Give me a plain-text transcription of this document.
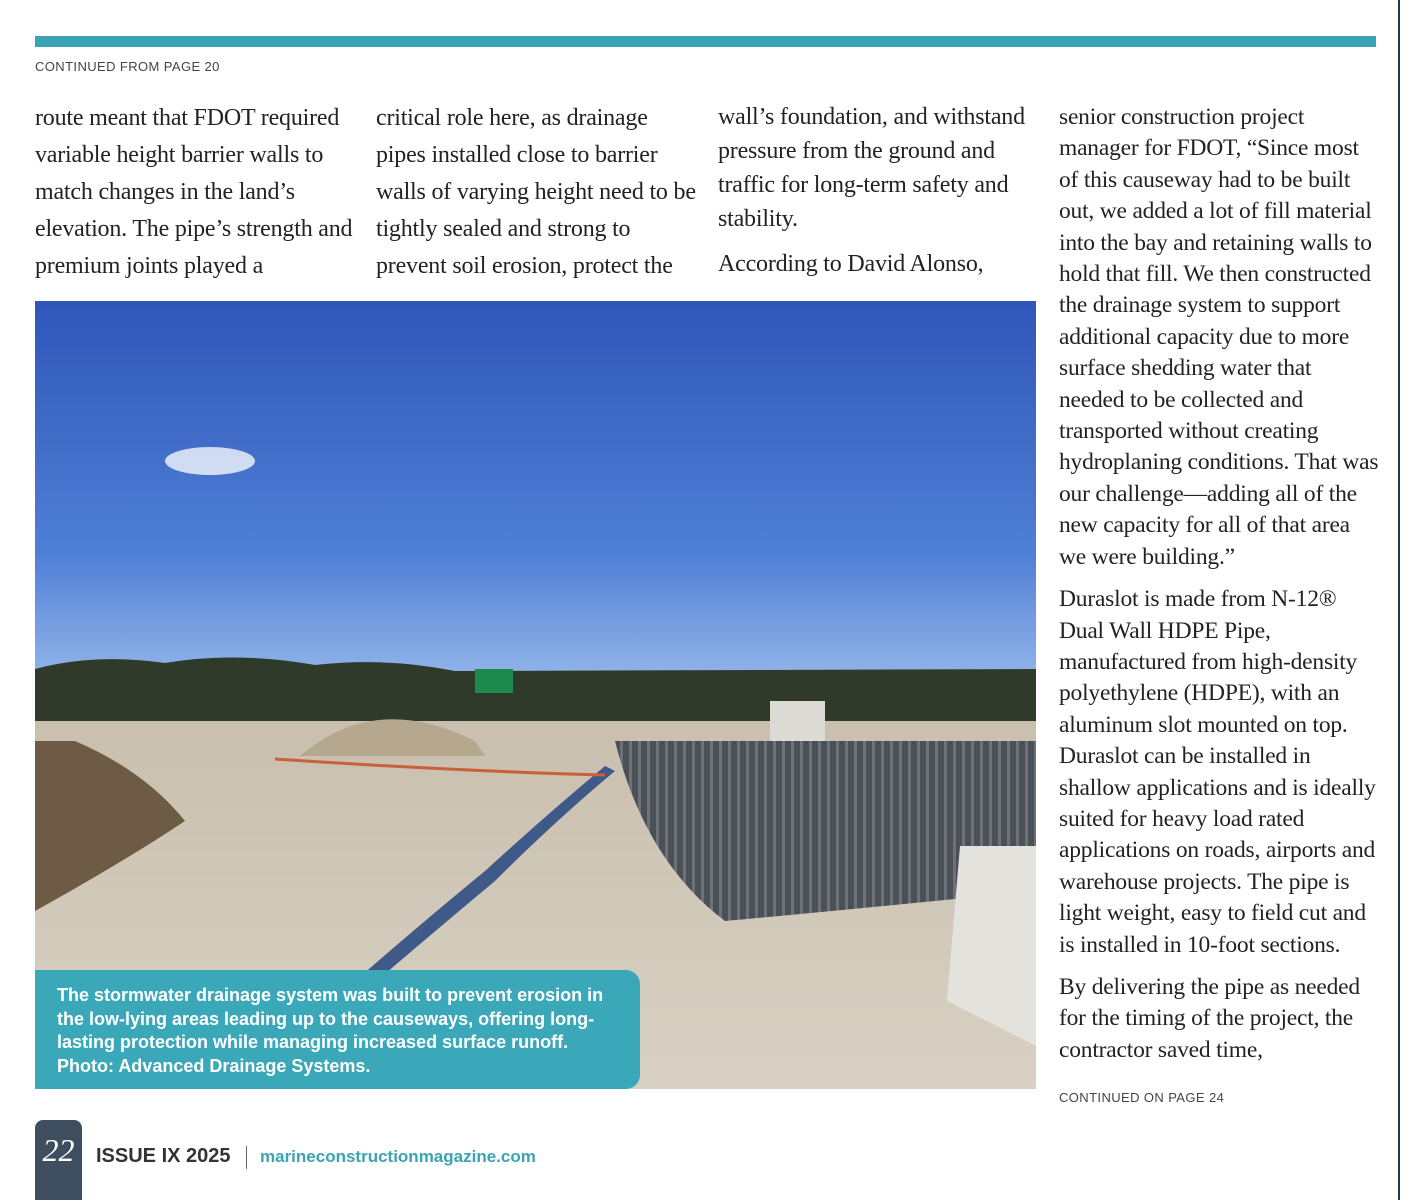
CONTINUED FROM PAGE 20

route meant that FDOT required variable height barrier walls to match changes in the land’s elevation. The pipe’s strength and premium joints played a

critical role here, as drainage pipes installed close to barrier walls of varying height need to be tightly sealed and strong to prevent soil erosion, protect the

wall’s foundation, and withstand pressure from the ground and traffic for long-term safety and stability.

According to David Alonso,

senior construction project manager for FDOT, “Since most of this causeway had to be built out, we added a lot of fill material into the bay and retaining walls to hold that fill. We then constructed the drainage system to support additional capacity due to more surface shedding water that needed to be collected and transported without creating hydroplaning conditions. That was our challenge—adding all of the new capacity for all of that area we were building.”

Duraslot is made from N-12® Dual Wall HDPE Pipe, manufactured from high-density polyethylene (HDPE), with an aluminum slot mounted on top. Duraslot can be installed in shallow applications and is ideally suited for heavy load rated applications on roads, airports and warehouse projects. The pipe is light weight, easy to field cut and is installed in 10-foot sections.

By delivering the pipe as needed for the timing of the project, the contractor saved time,

The stormwater drainage system was built to prevent erosion in the low-lying areas leading up to the causeways, offering long-lasting protection while managing increased surface runoff. Photo: Advanced Drainage Systems.
CONTINUED ON PAGE 24
22	ISSUE IX 2025 marineconstructionmagazine.com
